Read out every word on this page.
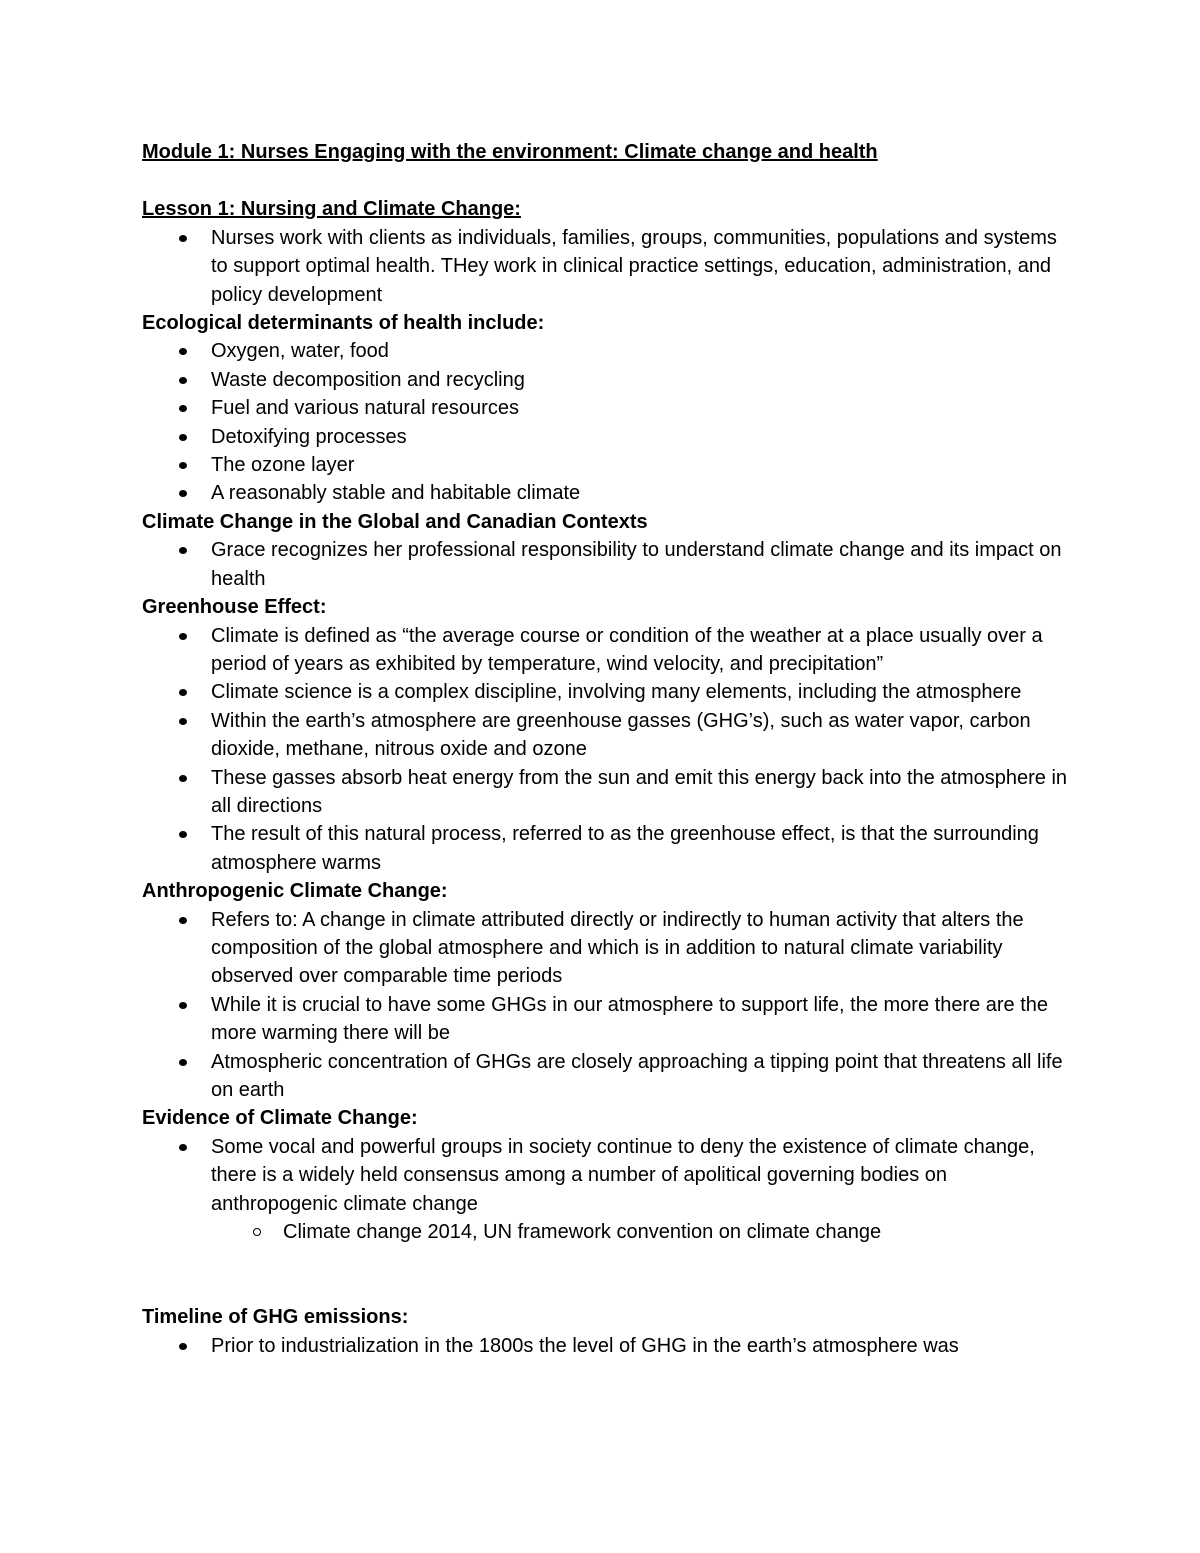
Module 1: Nurses Engaging with the environment: Climate change and health

Lesson 1: Nursing and Climate Change:

Nurses work with clients as individuals, families, groups, communities, populations and systems to support optimal health. THey work in clinical practice settings, education, administration, and policy development

Ecological determinants of health include:

Oxygen, water, food
Waste decomposition and recycling
Fuel and various natural resources
Detoxifying processes
The ozone layer
A reasonably stable and habitable climate

Climate Change in the Global and Canadian Contexts

Grace recognizes her professional responsibility to understand climate change and its impact on health

Greenhouse Effect:

Climate is defined as “the average course or condition of the weather at a place usually over a period of years as exhibited by temperature, wind velocity, and precipitation”
Climate science is a complex discipline, involving many elements, including the atmosphere
Within the earth’s atmosphere are greenhouse gasses (GHG’s), such as water vapor, carbon dioxide, methane, nitrous oxide and ozone
These gasses absorb heat energy from the sun and emit this energy back into the atmosphere in all directions
The result of this natural process, referred to as the greenhouse effect, is that the surrounding atmosphere warms

Anthropogenic Climate Change:

Refers to: A change in climate attributed directly or indirectly to human activity that alters the composition of the global atmosphere and which is in addition to natural climate variability observed over comparable time periods
While it is crucial to have some GHGs in our atmosphere to support life, the more there are the more warming there will be
Atmospheric concentration of GHGs are closely approaching a tipping point that threatens all life on earth

Evidence of Climate Change:

Some vocal and powerful groups in society continue to deny the existence of climate change, there is a widely held consensus among a number of apolitical governing bodies on anthropogenic climate change
Climate change 2014, UN framework convention on climate change

Timeline of GHG emissions:

Prior to industrialization in the 1800s the level of GHG in the earth’s atmosphere was
